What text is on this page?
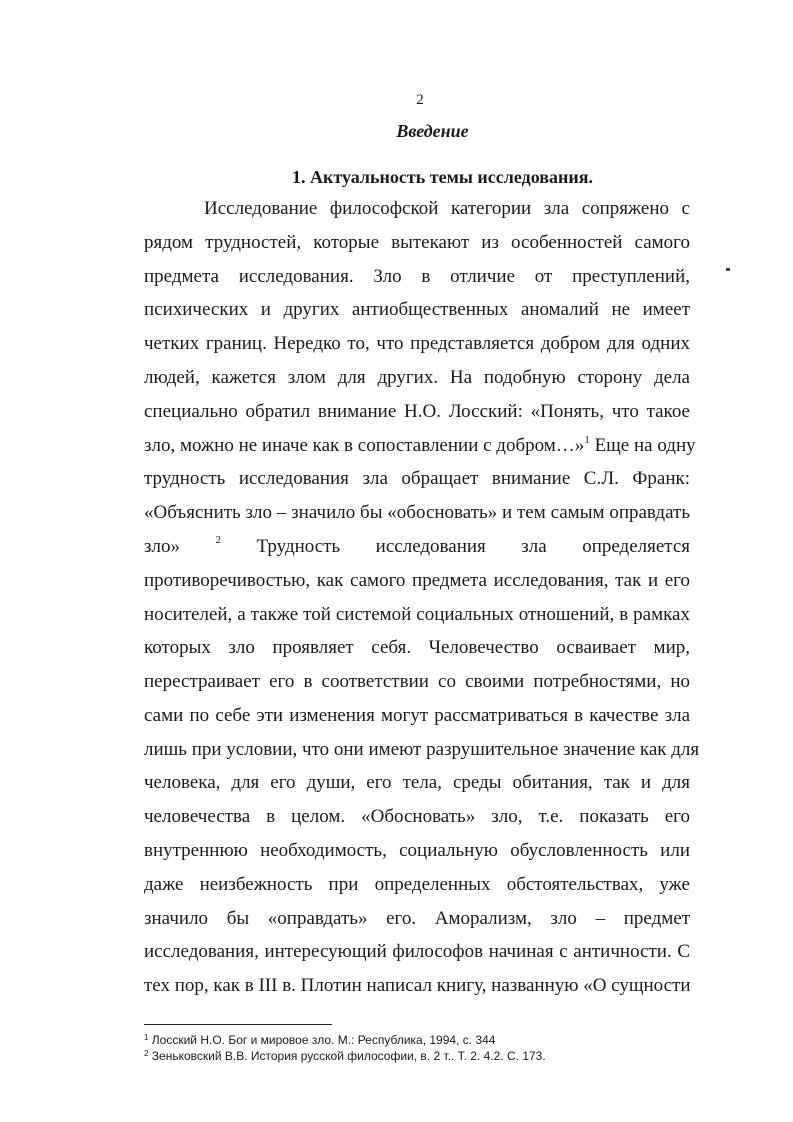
2
Введение
1. Актуальность темы исследования.
Исследование философской категории зла сопряжено с
рядом трудностей, которые вытекают из особенностей самого
предмета исследования. Зло в отличие от преступлений,
психических и других антиобщественных аномалий не имеет
четких границ. Нередко то, что представляется добром для одних
людей, кажется злом для других. На подобную сторону дела
специально обратил внимание Н.О. Лосский: «Понять, что такое
зло, можно не иначе как в сопоставлении с добром…»$^1$ Еще на одну
трудность исследования зла обращает внимание С.Л. Франк:
«Объяснить зло – значило бы «обосновать» и тем самым оправдать
зло»	2 Трудность исследования зла определяется
противоречивостью, как самого предмета исследования, так и его
носителей, а также той системой социальных отношений, в рамках
которых зло проявляет себя. Человечество осваивает мир,
перестраивает его в соответствии со своими потребностями, но
сами по себе эти изменения могут рассматриваться в качестве зла
лишь при условии, что они имеют разрушительное значение как для
человека, для его души, его тела, среды обитания, так и для
человечества в целом. «Обосновать» зло, т.е. показать его
внутреннюю необходимость, социальную обусловленность или
даже неизбежность при определенных обстоятельствах, уже
значило бы «оправдать» его. Аморализм, зло – предмет
исследования, интересующий философов начиная с античности. С
тех пор, как в III в. Плотин написал книгу, названную «О сущности
$^1$ Лосский Н.О. Бог и мировое зло. М.: Республика, 1994, с. 344
$^2$ Зеньковский В.В. История русской философии, в. 2 т.. Т. 2. 4.2. С. 173.
